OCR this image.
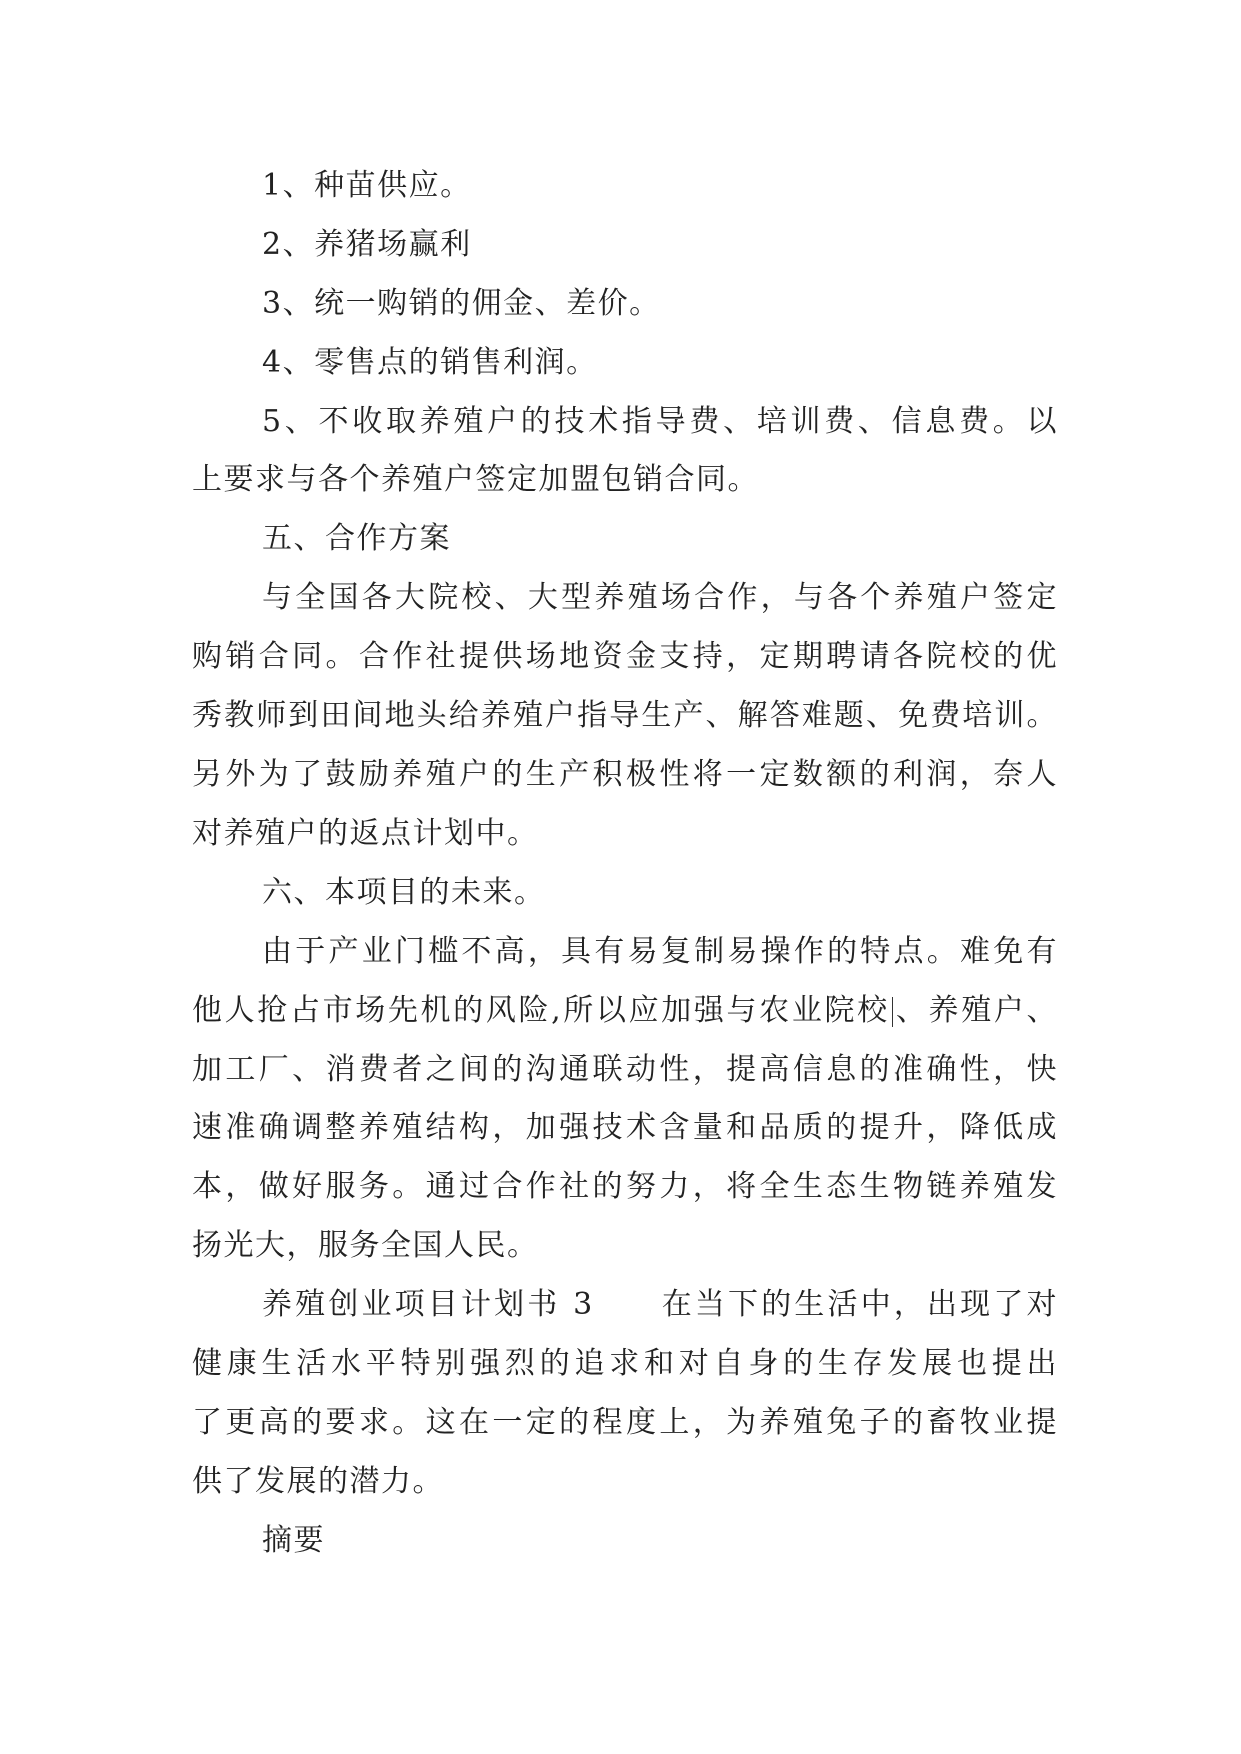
1、种苗供应。
2、养猪场赢利
3、统一购销的佣金、差价。
4、零售点的销售利润。
5、不收取养殖户的技术指导费、培训费、信息费。以
上要求与各个养殖户签定加盟包销合同。
五、合作方案
与全国各大院校、大型养殖场合作，与各个养殖户签定
购销合同。合作社提供场地资金支持，定期聘请各院校的优
秀教师到田间地头给养殖户指导生产、解答难题、免费培训。
另外为了鼓励养殖户的生产积极性将一定数额的利润，奈人
对养殖户的返点计划中。
六、本项目的未来。
由于产业门槛不高，具有易复制易操作的特点。难免有
他人抢占市场先机的风险,所以应加强与农业院校 、养殖户、
加工厂、消费者之间的沟通联动性，提高信息的准确性，快
速准确调整养殖结构，加强技术含量和品质的提升，降低成
本，做好服务。通过合作社的努力，将全生态生物链养殖发
扬光大，服务全国人民。
养殖创业项目计划书 3　　在当下的生活中，出现了对
健康生活水平特别强烈的追求和对自身的生存发展也提出
了更高的要求。这在一定的程度上，为养殖兔子的畜牧业提
供了发展的潜力。
摘要
